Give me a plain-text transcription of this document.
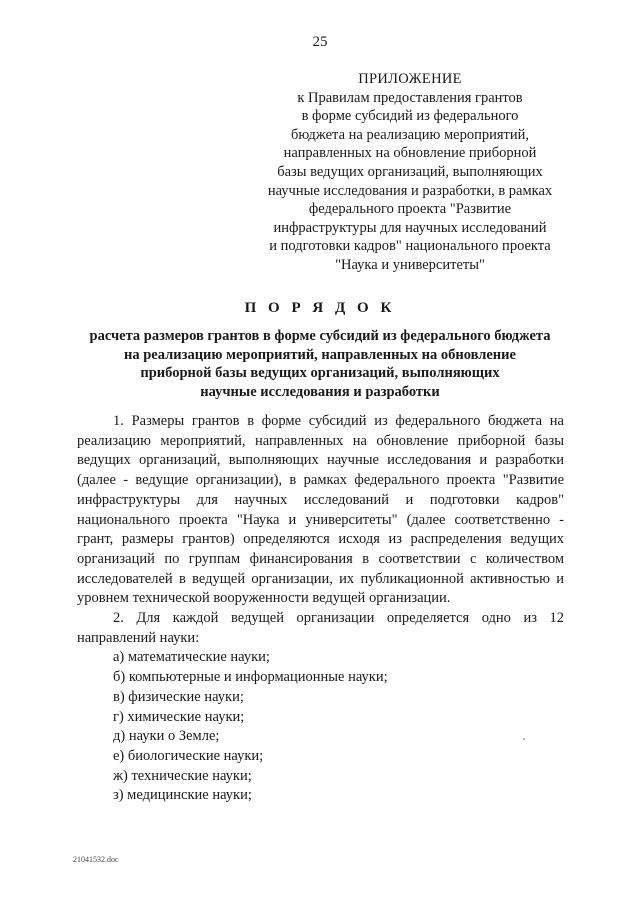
25
ПРИЛОЖЕНИЕ
к Правилам предоставления грантов
в форме субсидий из федерального
бюджета на реализацию мероприятий,
направленных на обновление приборной
базы ведущих организаций, выполняющих
научные исследования и разработки, в рамках
федерального проекта "Развитие
инфраструктуры для научных исследований
и подготовки кадров" национального проекта
"Наука и университеты"
П О Р Я Д О К
расчета размеров грантов в форме субсидий из федерального бюджета
на реализацию мероприятий, направленных на обновление
приборной базы ведущих организаций, выполняющих
научные исследования и разработки

1. Размеры грантов в форме субсидий из федерального бюджета на реализацию мероприятий, направленных на обновление приборной базы ведущих организаций, выполняющих научные исследования и разработки (далее - ведущие организации), в рамках федерального проекта "Развитие инфраструктуры для научных исследований и подготовки кадров" национального проекта "Наука и университеты" (далее соответственно - грант, размеры грантов) определяются исходя из распределения ведущих организаций по группам финансирования в соответствии с количеством исследователей в ведущей организации, их публикационной активностью и уровнем технической вооруженности ведущей организации.

2. Для каждой ведущей организации определяется одно из 12 направлений науки:

а) математические науки;
б) компьютерные и информационные науки;
в) физические науки;
г) химические науки;
д) науки о Земле;
е) биологические науки;
ж) технические науки;
з) медицинские науки;
21041532.doc
